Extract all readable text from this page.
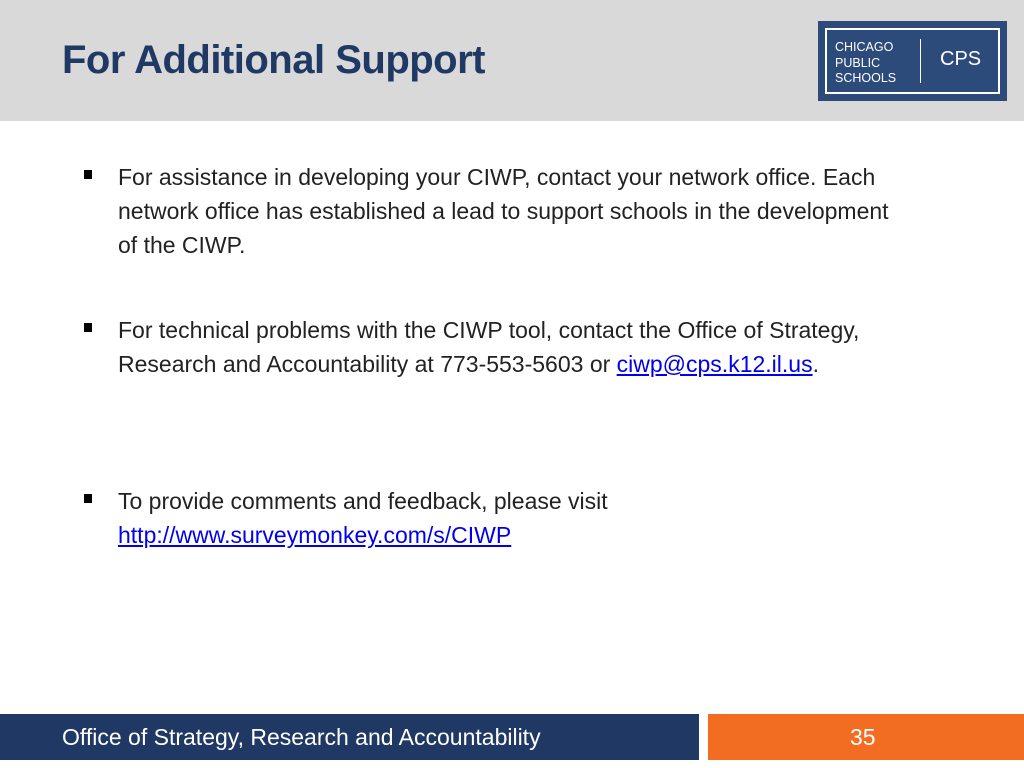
For Additional Support	CHICAGO
PUBLIC
SCHOOLS
CPS
For assistance in developing your CIWP, contact your network office. Each network office has established a lead to support schools in the development of the CIWP.
For technical problems with the CIWP tool, contact the Office of Strategy, Research and Accountability at 773-553-5603 or ciwp@cps.k12.il.us.
To provide comments and feedback, please visit
http://www.surveymonkey.com/s/CIWP
Office of Strategy, Research and Accountability	35
